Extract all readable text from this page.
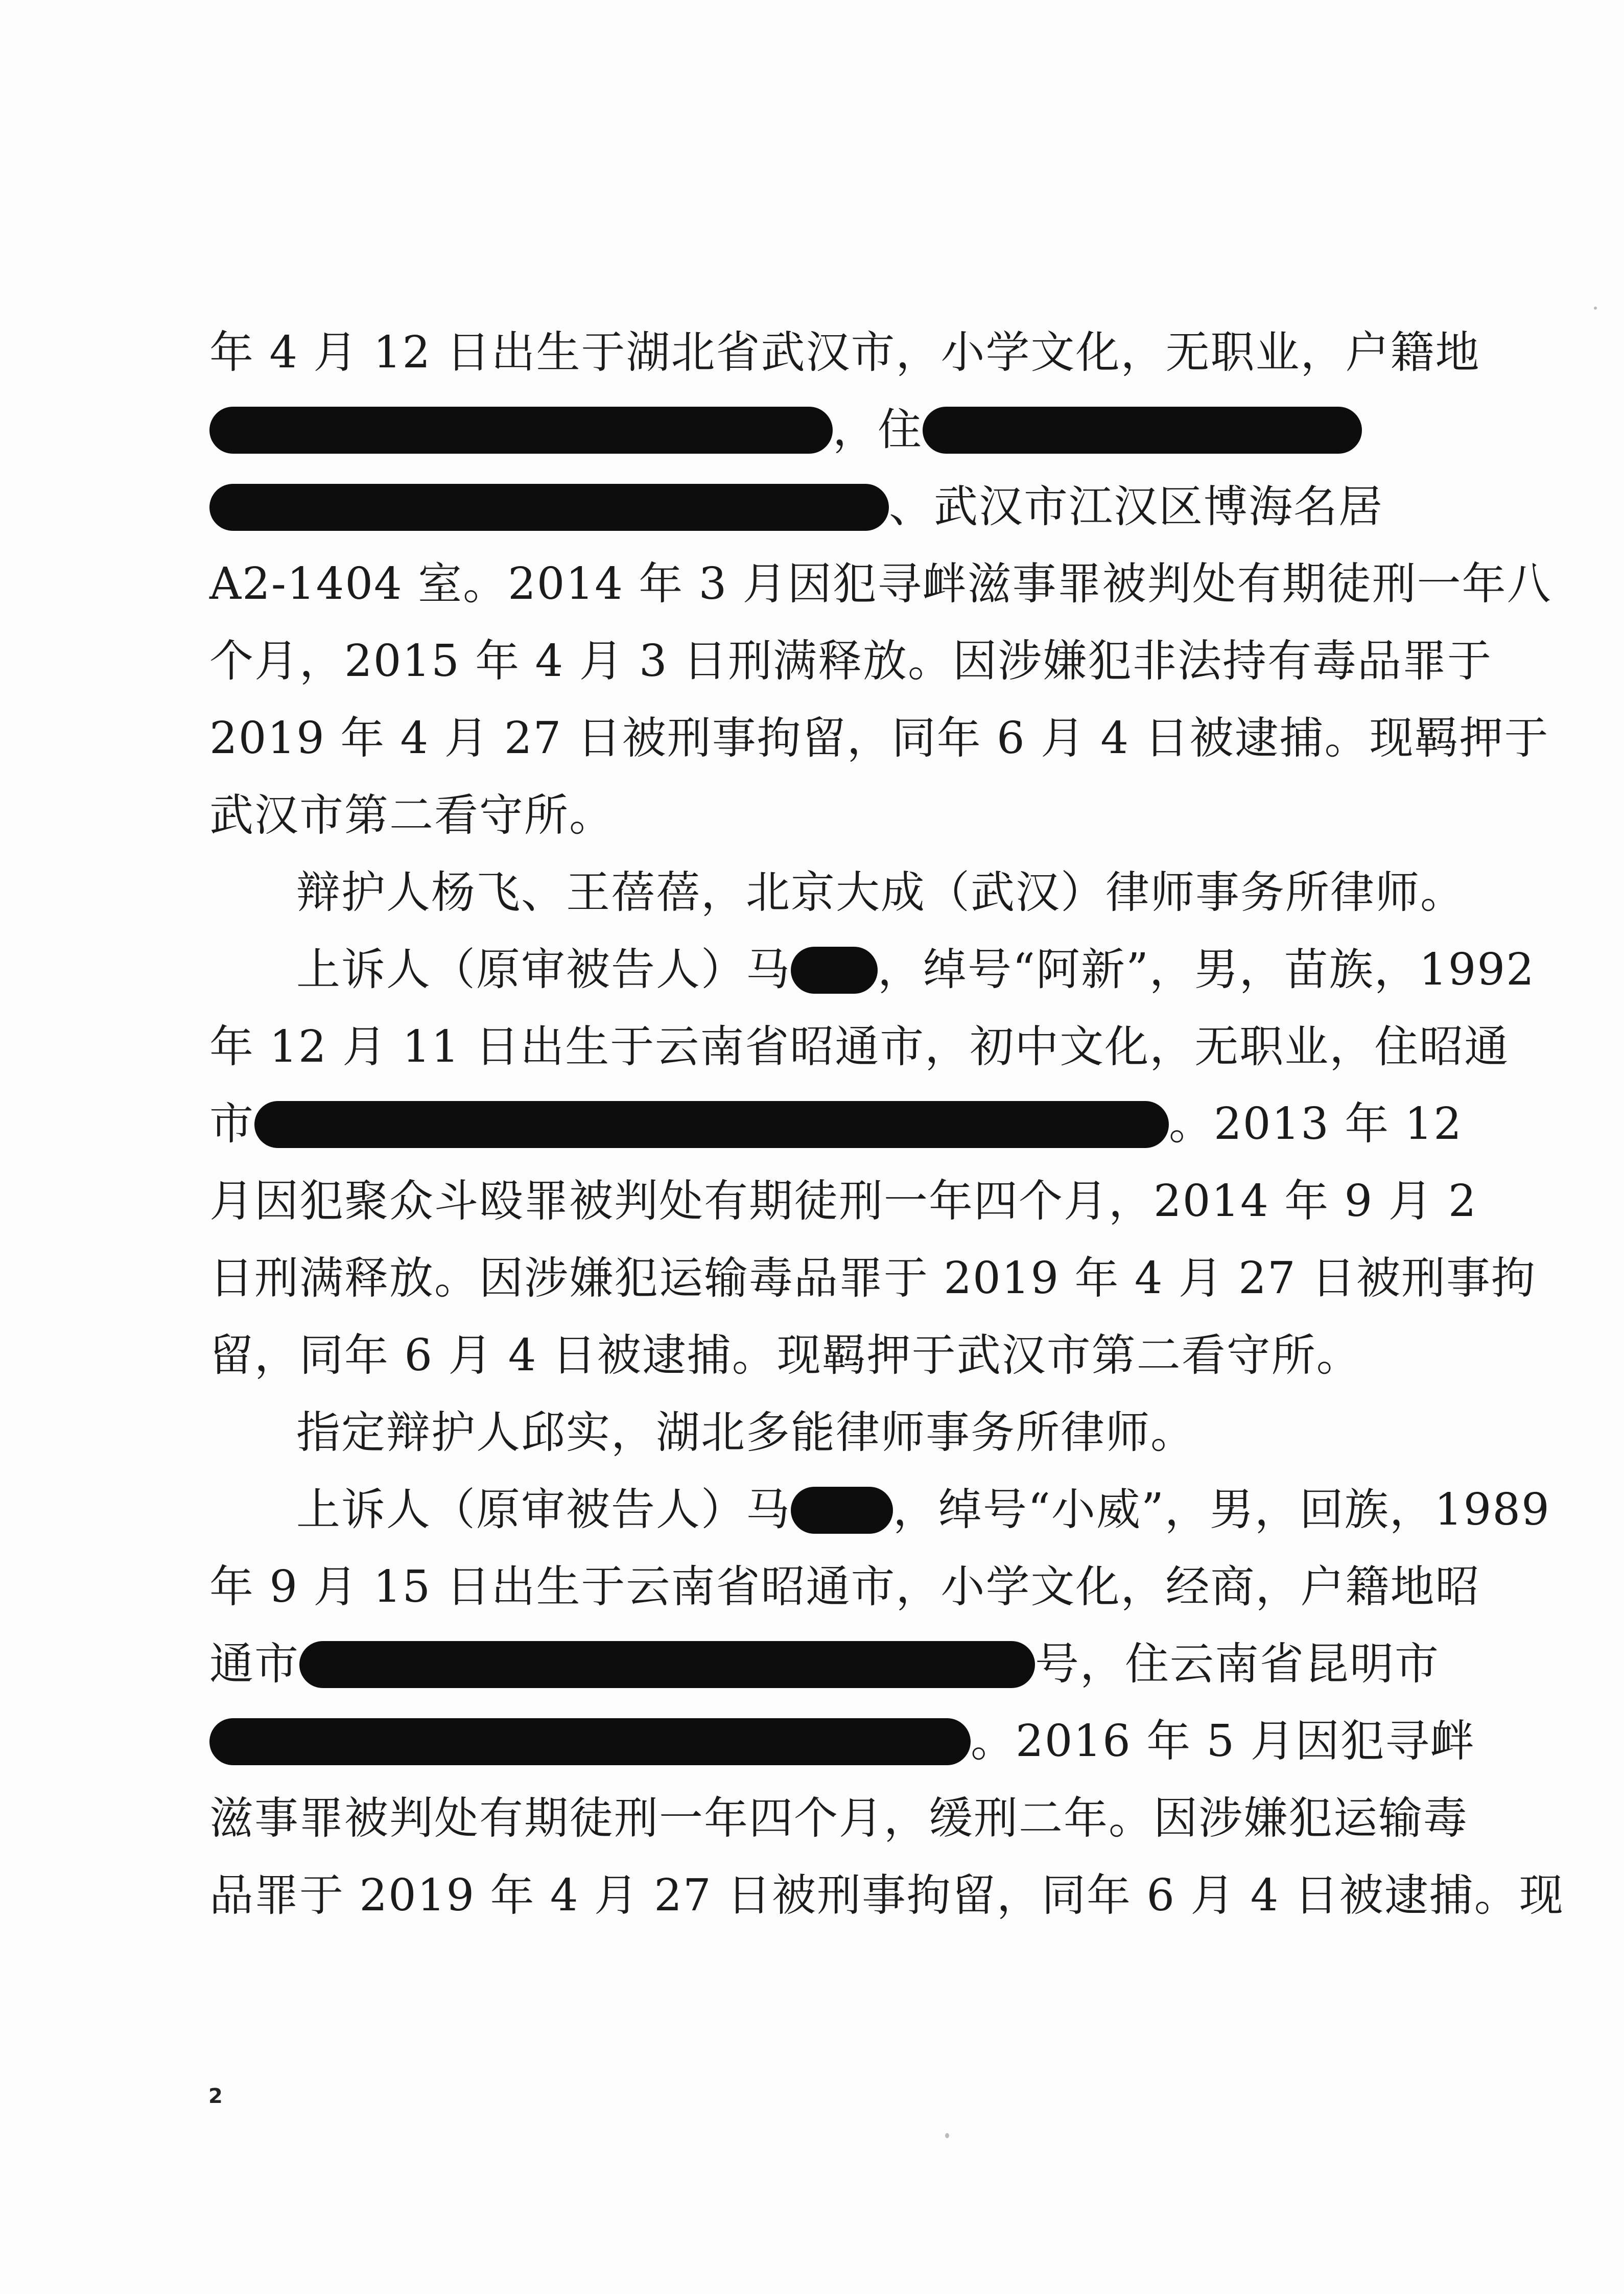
年 4 月 12 日出生于湖北省武汉市，小学文化，无职业，户籍地
，住
、武汉市江汉区博海名居
A2-1404 室。2014 年 3 月因犯寻衅滋事罪被判处有期徒刑一年八
个月，2015 年 4 月 3 日刑满释放。因涉嫌犯非法持有毒品罪于
2019 年 4 月 27 日被刑事拘留，同年 6 月 4 日被逮捕。现羁押于
武汉市第二看守所。
辩护人杨飞、王蓓蓓，北京大成（武汉）律师事务所律师。
上诉人（原审被告人）马 ，绰号“阿新”，男，苗族，1992
年 12 月 11 日出生于云南省昭通市，初中文化，无职业，住昭通
市	。2013 年 12
月因犯聚众斗殴罪被判处有期徒刑一年四个月，2014 年 9 月 2
日刑满释放。因涉嫌犯运输毒品罪于 2019 年 4 月 27 日被刑事拘
留，同年 6 月 4 日被逮捕。现羁押于武汉市第二看守所。
指定辩护人邱实，湖北多能律师事务所律师。
上诉人（原审被告人）马 ，绰号“小威”，男，回族，1989
年 9 月 15 日出生于云南省昭通市，小学文化，经商，户籍地昭
通市	号，住云南省昆明市
。2016 年 5 月因犯寻衅
滋事罪被判处有期徒刑一年四个月，缓刑二年。因涉嫌犯运输毒
品罪于 2019 年 4 月 27 日被刑事拘留，同年 6 月 4 日被逮捕。现
2
